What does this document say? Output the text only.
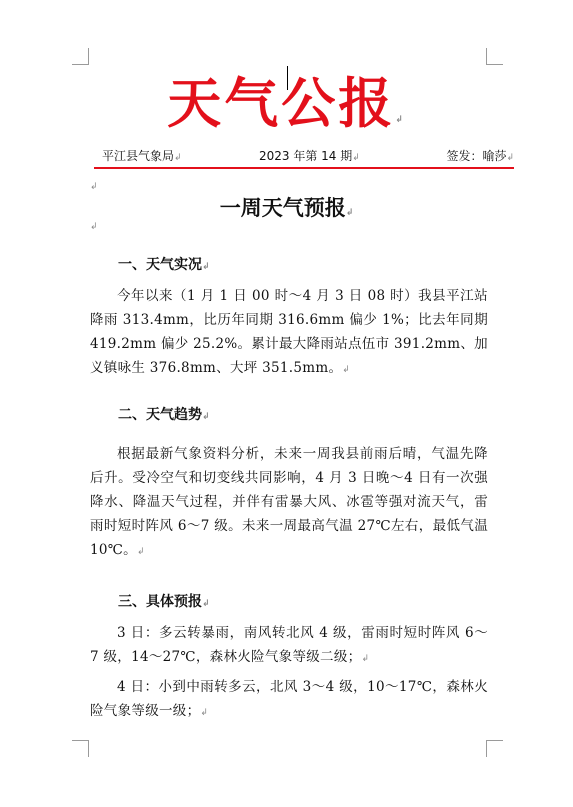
天气公报↲
平江县气象局↲	2023 年第 14 期↲	签发：喻莎↲
↲
↲
一周天气预报↲
一、天气实况↲
今年以来（1 月 1 日 00 时～4 月 3 日 08 时）我县平江站降雨 313.4mm，比历年同期 316.6mm 偏少 1%；比去年同期 419.2mm 偏少 25.2%。累计最大降雨站点伍市 391.2mm、加义镇咏生 376.8mm、大坪 351.5mm。↲
二、天气趋势↲
根据最新气象资料分析，未来一周我县前雨后晴，气温先降后升。受冷空气和切变线共同影响，4 月 3 日晚～4 日有一次强降水、降温天气过程，并伴有雷暴大风、冰雹等强对流天气，雷雨时短时阵风 6～7 级。未来一周最高气温 27℃左右，最低气温 10℃。↲
三、具体预报↲
3 日：多云转暴雨，南风转北风 4 级，雷雨时短时阵风 6～7 级，14～27℃，森林火险气象等级二级；↲
4 日：小到中雨转多云，北风 3～4 级，10～17℃，森林火险气象等级一级；↲
